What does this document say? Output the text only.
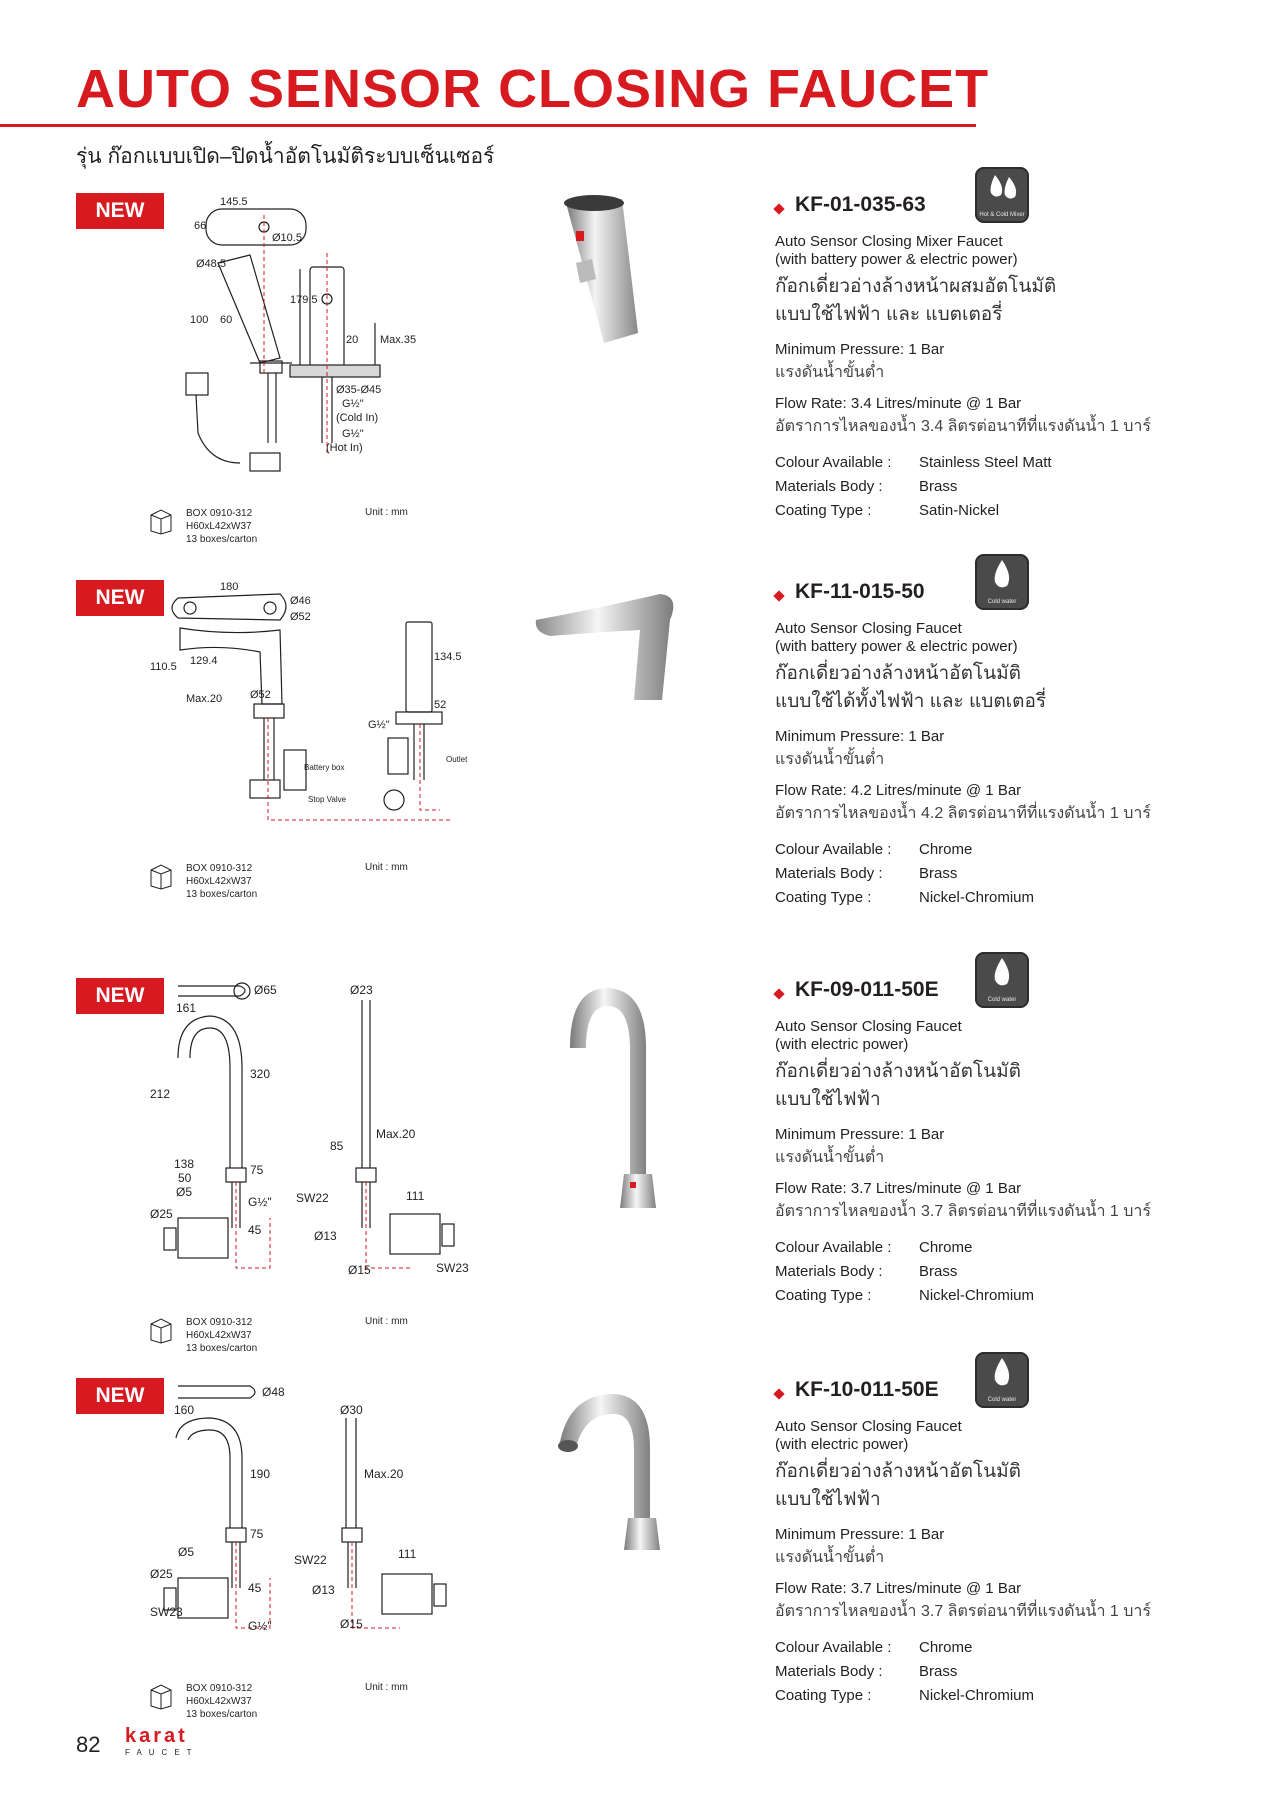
AUTO SENSOR CLOSING FAUCET
รุ่น ก๊อกแบบเปิด–ปิดน้ำอัตโนมัติระบบเซ็นเซอร์
NEW	145.5
66
Ø10.5
Ø48.5
100 60
179.5
20 Max.35
Ø35-Ø45
G½"
(Cold In)
G½"
(Hot In)
BOX 0910-312
H60xL42xW37
13 boxes/carton
Unit : mm
KF-01-035-63	Hot & Cold Mixer
Auto Sensor Closing Mixer Faucet
(with battery power & electric power)
ก๊อกเดี่ยวอ่างล้างหน้าผสมอัตโนมัติ
แบบใช้ไฟฟ้า และ แบตเตอรี่
Minimum Pressure: 1 Bar
แรงดันน้ำขั้นต่ำ
Flow Rate: 3.4 Litres/minute @ 1 Bar
อัตราการไหลของน้ำ 3.4 ลิตรต่อนาทีที่แรงดันน้ำ 1 บาร์
Colour Available :	Stainless Steel Matt
Materials Body :	Brass
Coating Type :	Satin-Nickel
NEW	180
Ø46
Ø52
110.5 129.4
Max.20	Ø52
134.5
52
G½"
Battery box
Stop Valve
Outlet
BOX 0910-312
H60xL42xW37
13 boxes/carton
Unit : mm
KF-11-015-50	Cold water
Auto Sensor Closing Faucet
(with battery power & electric power)
ก๊อกเดี่ยวอ่างล้างหน้าอัตโนมัติ
แบบใช้ได้ทั้งไฟฟ้า และ แบตเตอรี่
Minimum Pressure: 1 Bar
แรงดันน้ำขั้นต่ำ
Flow Rate: 4.2 Litres/minute @ 1 Bar
อัตราการไหลของน้ำ 4.2 ลิตรต่อนาทีที่แรงดันน้ำ 1 บาร์
Colour Available :	Chrome
Materials Body :	Brass
Coating Type :	Nickel-Chromium
NEW	Ø65
161
212
320
138
50
Ø5
75
Ø25
45
G½"
Ø23
85
Max.20
SW22	111
Ø13
Ø15	SW23
BOX 0910-312
H60xL42xW37
13 boxes/carton
Unit : mm
KF-09-011-50E	Cold water
Auto Sensor Closing Faucet
(with electric power)
ก๊อกเดี่ยวอ่างล้างหน้าอัตโนมัติ
แบบใช้ไฟฟ้า
Minimum Pressure: 1 Bar
แรงดันน้ำขั้นต่ำ
Flow Rate: 3.7 Litres/minute @ 1 Bar
อัตราการไหลของน้ำ 3.7 ลิตรต่อนาทีที่แรงดันน้ำ 1 บาร์
Colour Available :	Chrome
Materials Body :	Brass
Coating Type :	Nickel-Chromium
NEW	Ø48
160
190
75
Ø5
Ø25
SW23
45
G½"
Ø30
Max.20
SW22	111
Ø13
Ø15
BOX 0910-312
H60xL42xW37
13 boxes/carton
Unit : mm
KF-10-011-50E	Cold water
Auto Sensor Closing Faucet
(with electric power)
ก๊อกเดี่ยวอ่างล้างหน้าอัตโนมัติ
แบบใช้ไฟฟ้า
Minimum Pressure: 1 Bar
แรงดันน้ำขั้นต่ำ
Flow Rate: 3.7 Litres/minute @ 1 Bar
อัตราการไหลของน้ำ 3.7 ลิตรต่อนาทีที่แรงดันน้ำ 1 บาร์
Colour Available :	Chrome
Materials Body :	Brass
Coating Type :	Nickel-Chromium
82 karat
FAUCET
